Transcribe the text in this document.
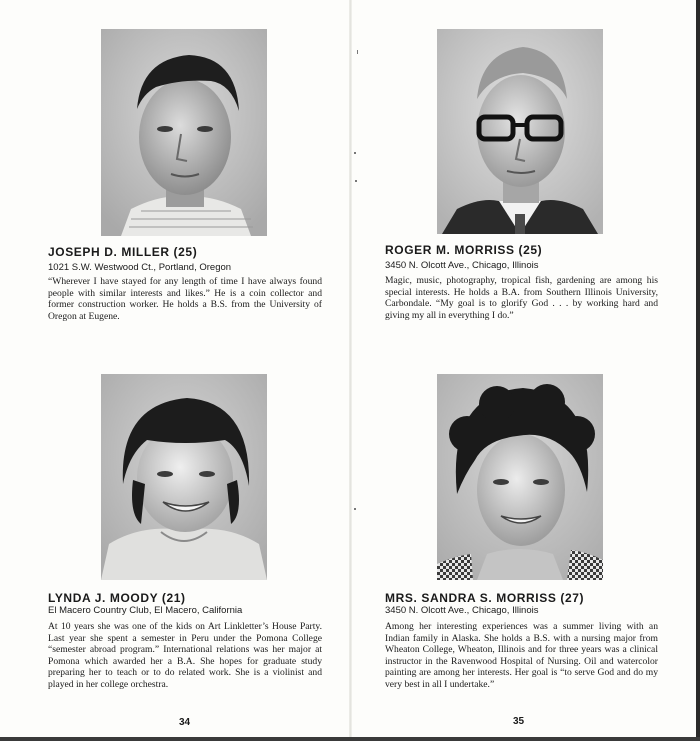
JOSEPH D. MILLER (25)
1021 S.W. Westwood Ct., Portland, Oregon
“Wherever I have stayed for any length of time I have always found people with similar interests and likes.” He is a coin collector and former construction worker. He holds a B.S. from the University of Oregon at Eugene.
ROGER M. MORRISS (25)
3450 N. Olcott Ave., Chicago, Illinois
Magic, music, photography, tropical fish, gardening are among his special interests. He holds a B.A. from Southern Illinois University, Carbondale. “My goal is to glorify God . . . by working hard and giving my all in everything I do.”
LYNDA J. MOODY (21)
El Macero Country Club, El Macero, California
At 10 years she was one of the kids on Art Linkletter’s House Party. Last year she spent a semester in Peru under the Pomona College “semester abroad program.” International relations was her major at Pomona which awarded her a B.A. She hopes for graduate study preparing her to teach or to do related work. She is a violinist and played in her college orchestra.
MRS. SANDRA S. MORRISS (27)
3450 N. Olcott Ave., Chicago, Illinois
Among her interesting experiences was a summer living with an Indian family in Alaska. She holds a B.S. with a nursing major from Wheaton College, Wheaton, Illinois and for three years was a clinical instructor in the Ravenwood Hospital of Nursing. Oil and watercolor painting are among her interests. Her goal is “to serve God and do my very best in all I undertake.”
34	35
